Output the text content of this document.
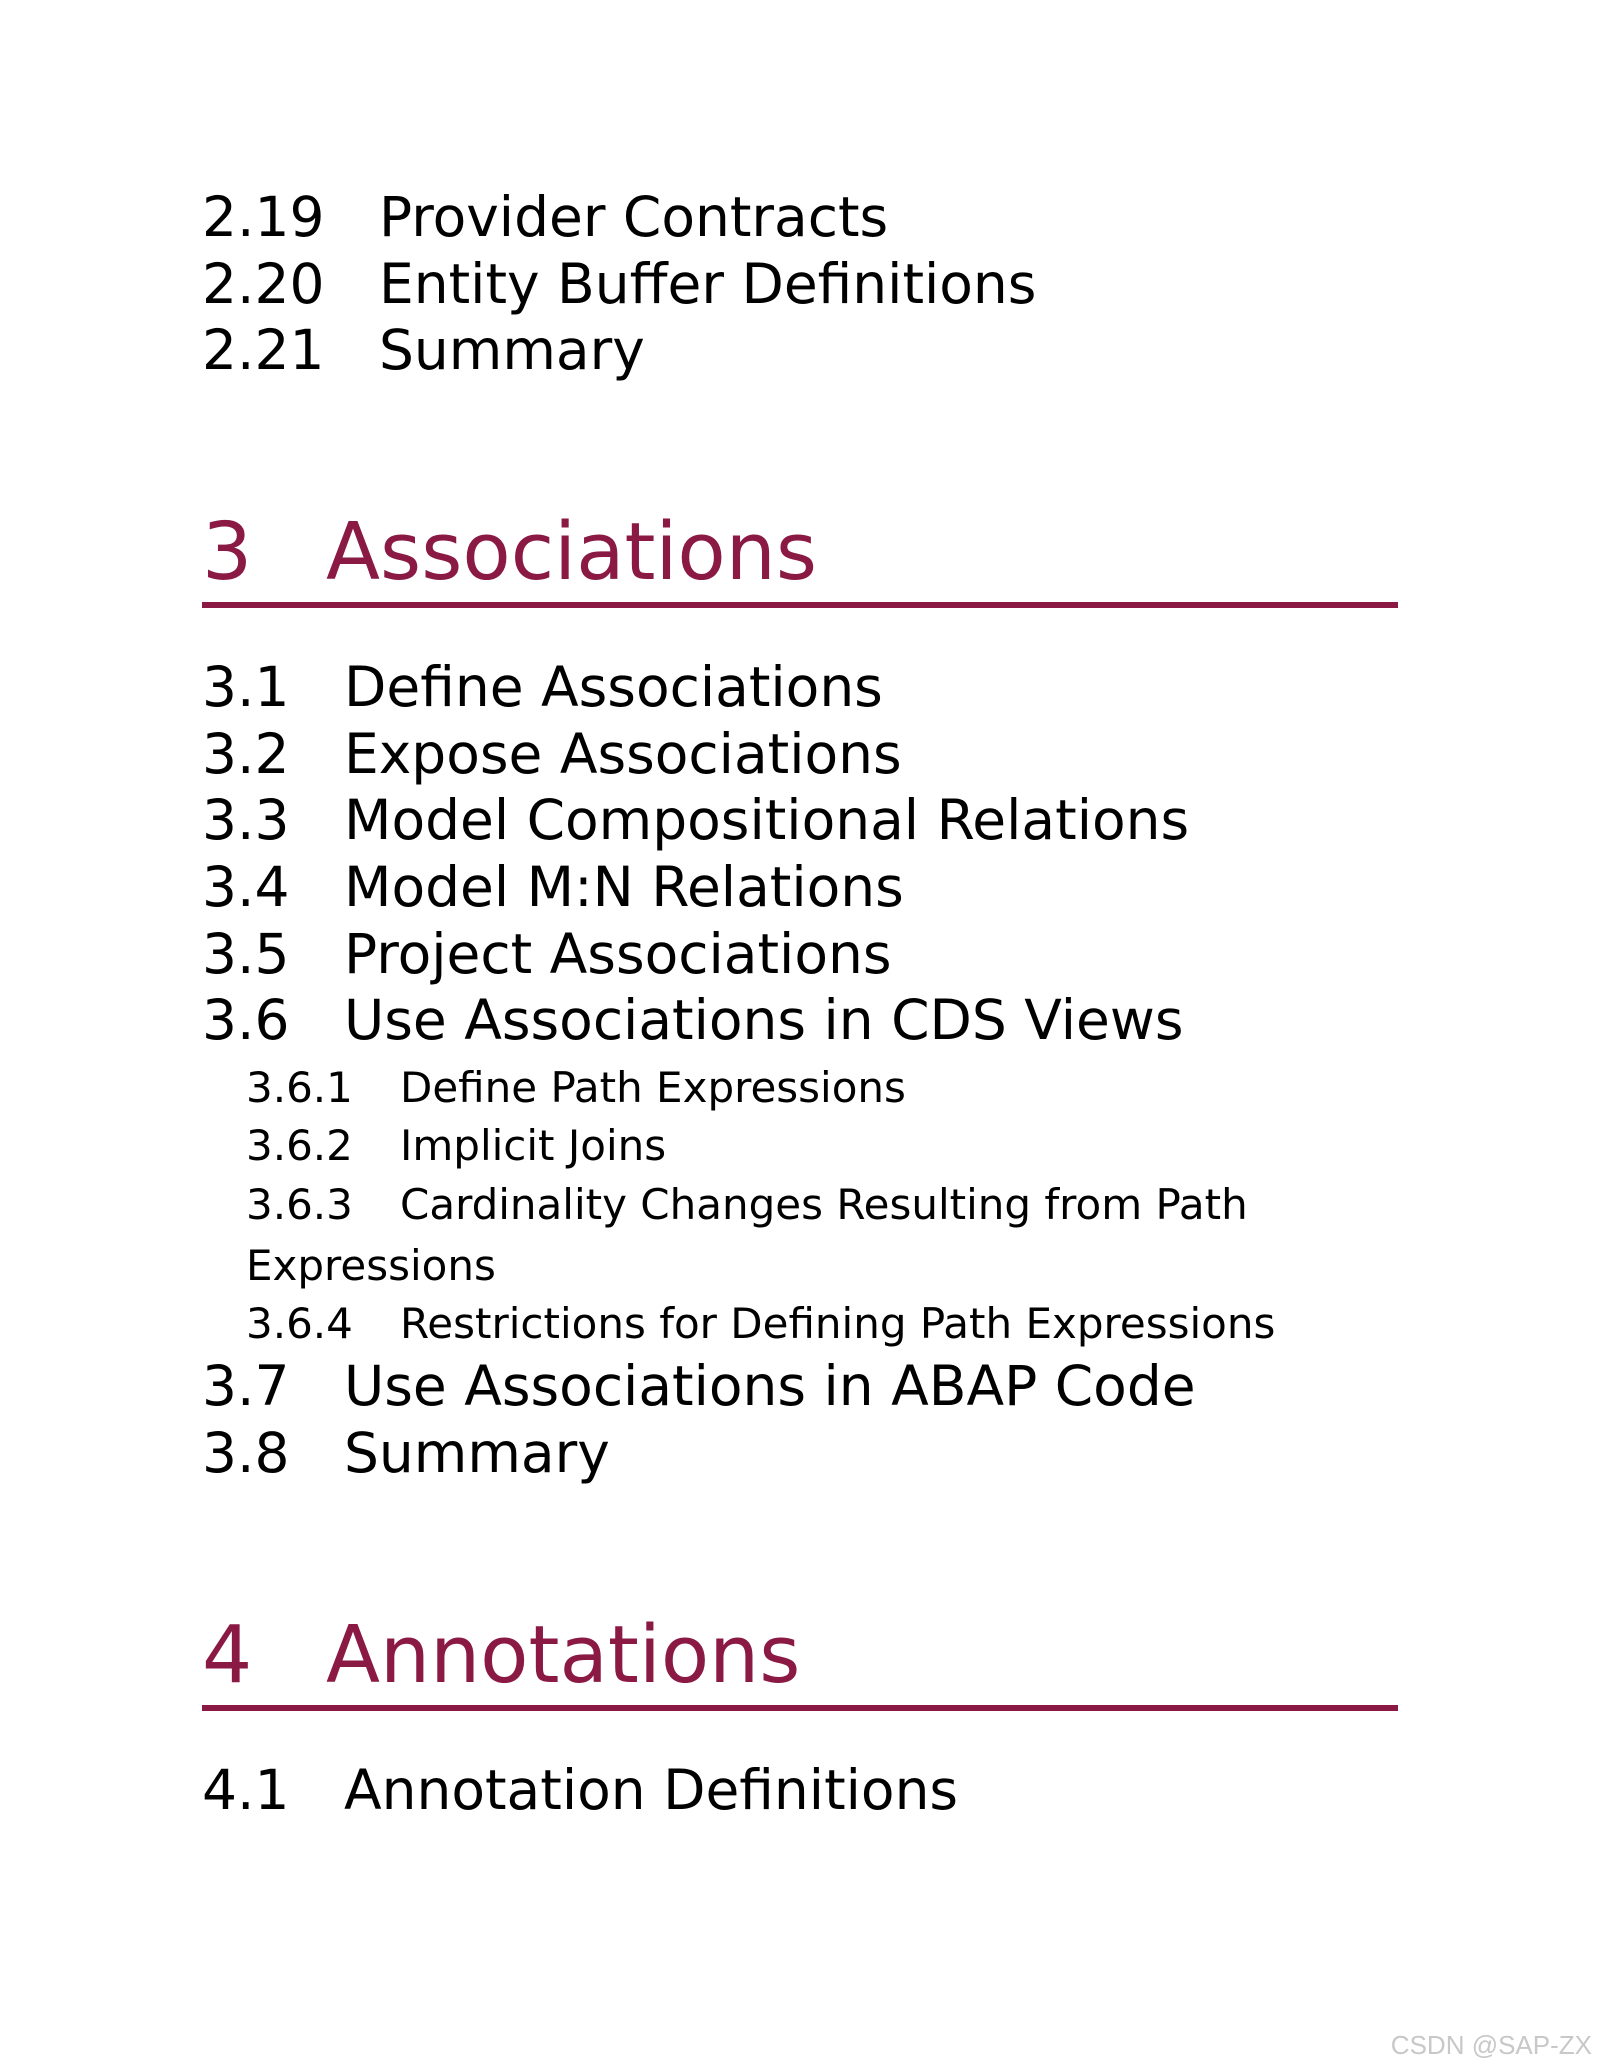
2.19 Provider Contracts
2.20 Entity Buffer Definitions
2.21 Summary
3 Associations
3.1 Define Associations
3.2 Expose Associations
3.3 Model Compositional Relations
3.4 Model M:N Relations
3.5 Project Associations
3.6 Use Associations in CDS Views
3.6.1 Define Path Expressions
3.6.2 Implicit Joins
3.6.3 Cardinality Changes Resulting from Path
Expressions
3.6.4 Restrictions for Defining Path Expressions
3.7 Use Associations in ABAP Code
3.8 Summary
4 Annotations
4.1 Annotation Definitions
CSDN @SAP-ZX
